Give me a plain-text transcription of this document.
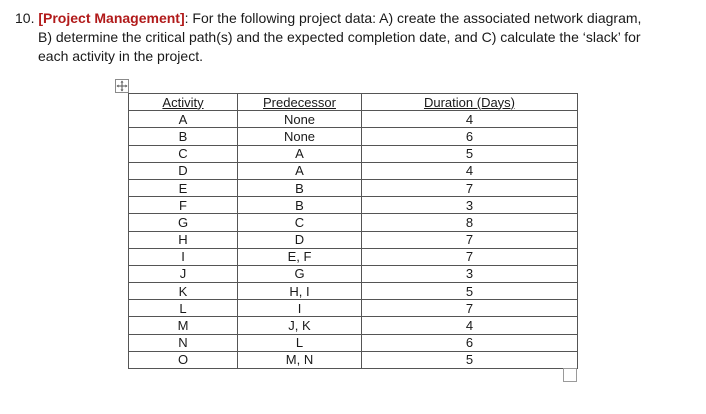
10. [Project Management]: For the following project data: A) create the associated network diagram,
B) determine the critical path(s) and the expected completion date, and C) calculate the ‘slack’ for
each activity in the project.
Activity	Predecessor	Duration (Days)
A	None	4
B	None	6
C	A	5
D	A	4
E	B	7
F	B	3
G	C	8
H	D	7
I	E, F	7
J	G	3
K	H, I	5
L	I	7
M	J, K	4
N	L	6
O	M, N	5
